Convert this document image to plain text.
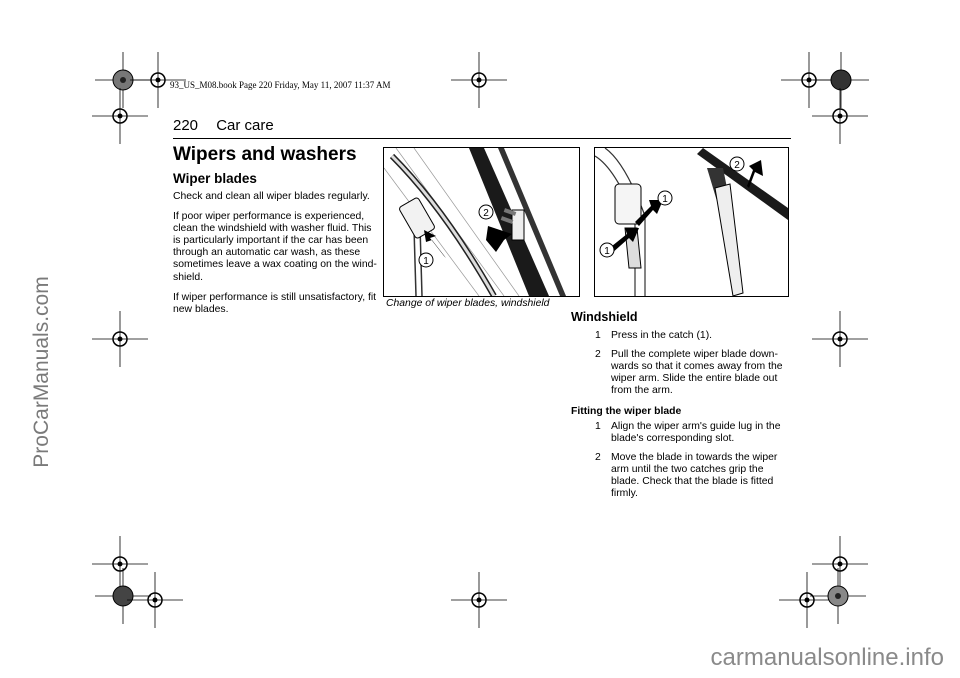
93_US_M08.book Page 220 Friday, May 11, 2007 11:37 AM
ProCarManuals.com
carmanualsonline.info
220 Car care
Wipers and washers
Wiper blades

Check and clean all wiper blades regularly.

If poor wiper performance is experienced, clean the windshield with washer fluid. This is particularly important if the car has been through an automatic car wash, as these sometimes leave a wax coating on the wind-shield.

If wiper performance is still unsatisfactory, fit new blades.

1
2
1
1
2
Change of wiper blades, windshield
Windshield
1 Press in the catch (1).
2 Pull the complete wiper blade down-wards so that it comes away from the wiper arm. Slide the entire blade out from the arm.
Fitting the wiper blade
1 Align the wiper arm's guide lug in the blade's corresponding slot.
2 Move the blade in towards the wiper arm until the two catches grip the blade. Check that the blade is fitted firmly.
